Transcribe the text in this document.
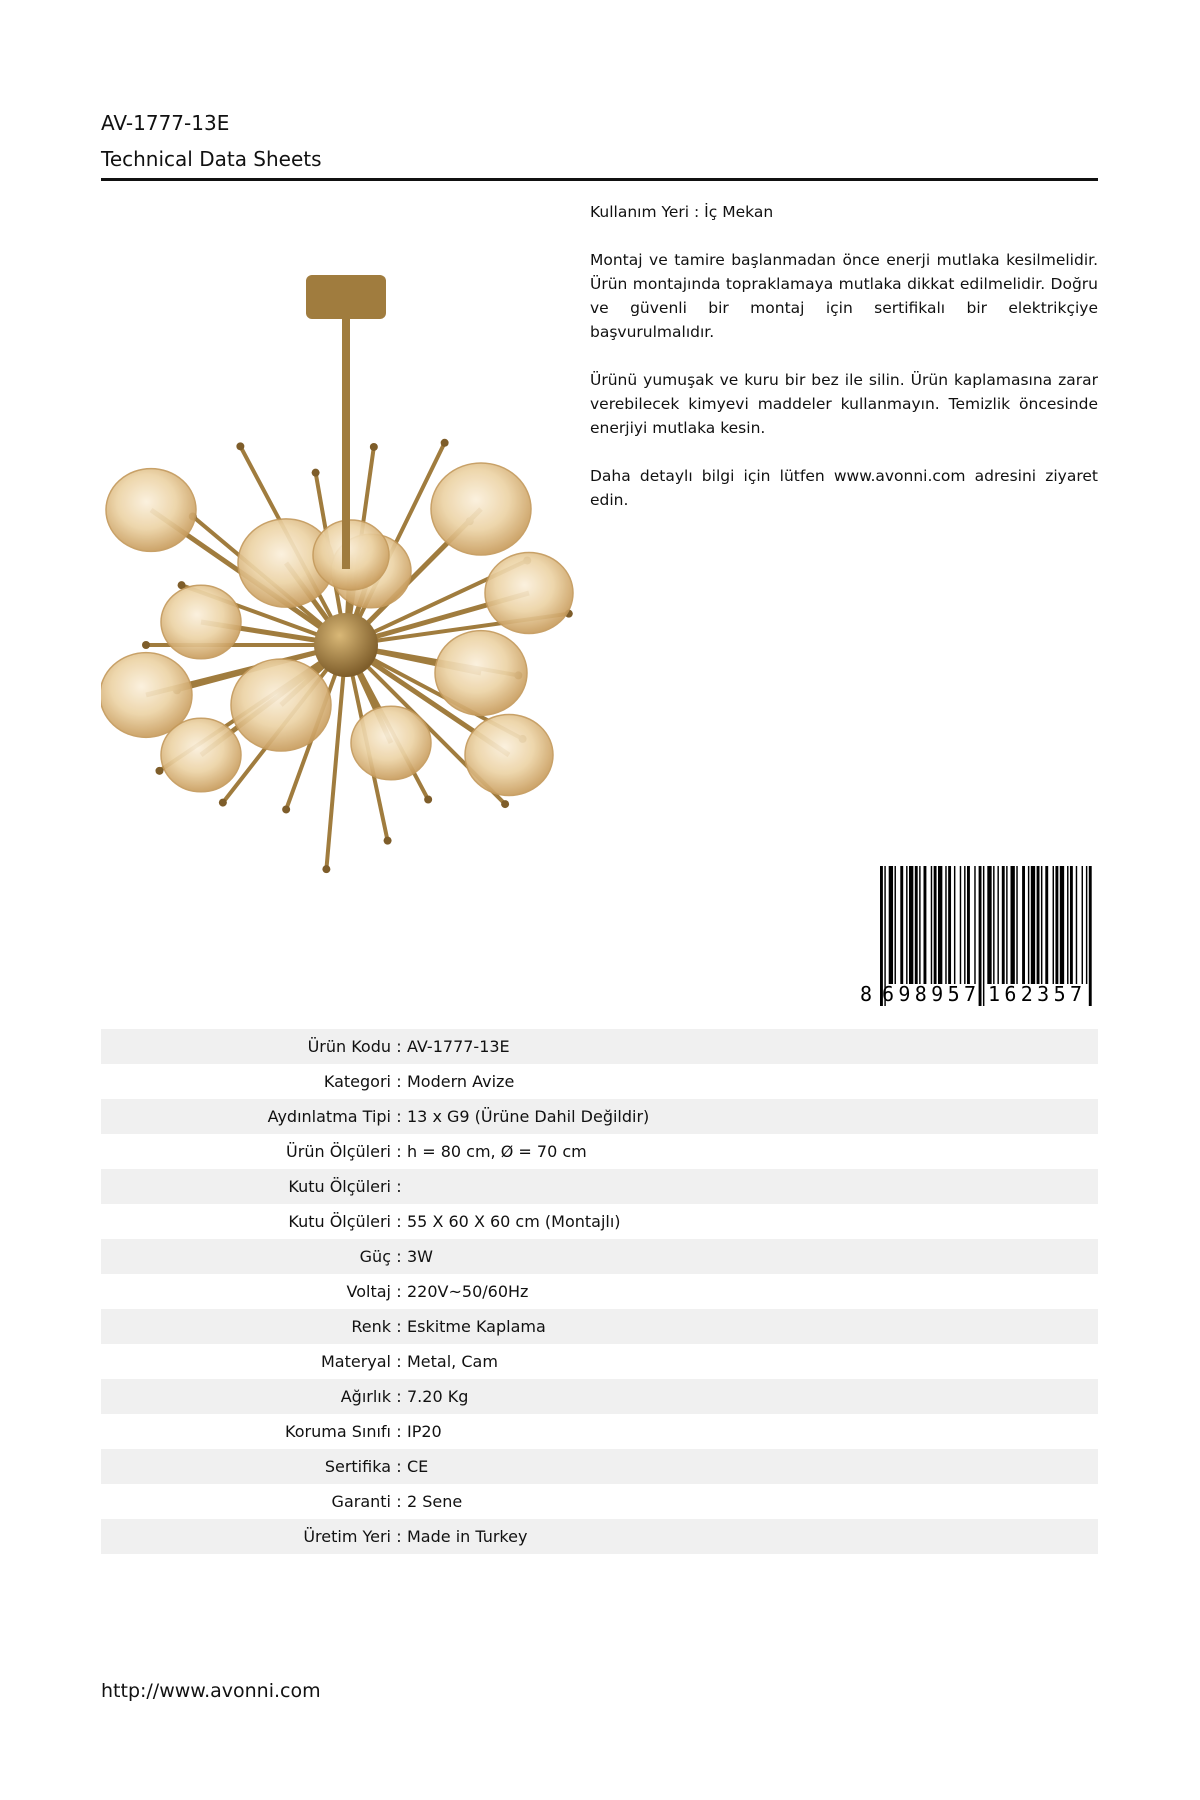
AV-1777-13E
Technical Data Sheets

Kullanım Yeri : İç Mekan

Montaj ve tamire başlanmadan önce enerji mutlaka kesilmelidir. Ürün montajında topraklamaya mutlaka dikkat edilmelidir. Doğru ve güvenli bir montaj için sertifikalı bir elektrikçiye başvurulmalıdır.

Ürünü yumuşak ve kuru bir bez ile silin. Ürün kaplamasına zarar verebilecek kimyevi maddeler kullanmayın. Temizlik öncesinde enerjiyi mutlaka kesin.

Daha detaylı bilgi için lütfen www.avonni.com adresini ziyaret edin.

8 698957 162357
Ürün Kodu : AV-1777-13E
Kategori : Modern Avize
Aydınlatma Tipi : 13 x G9 (Ürüne Dahil Değildir)
Ürün Ölçüleri : h = 80 cm, Ø = 70 cm
Kutu Ölçüleri :
Kutu Ölçüleri : 55 X 60 X 60 cm (Montajlı)
Güç : 3W
Voltaj : 220V~50/60Hz
Renk : Eskitme Kaplama
Materyal : Metal, Cam
Ağırlık : 7.20 Kg
Koruma Sınıfı : IP20
Sertifika : CE
Garanti : 2 Sene
Üretim Yeri : Made in Turkey
http://www.avonni.com
